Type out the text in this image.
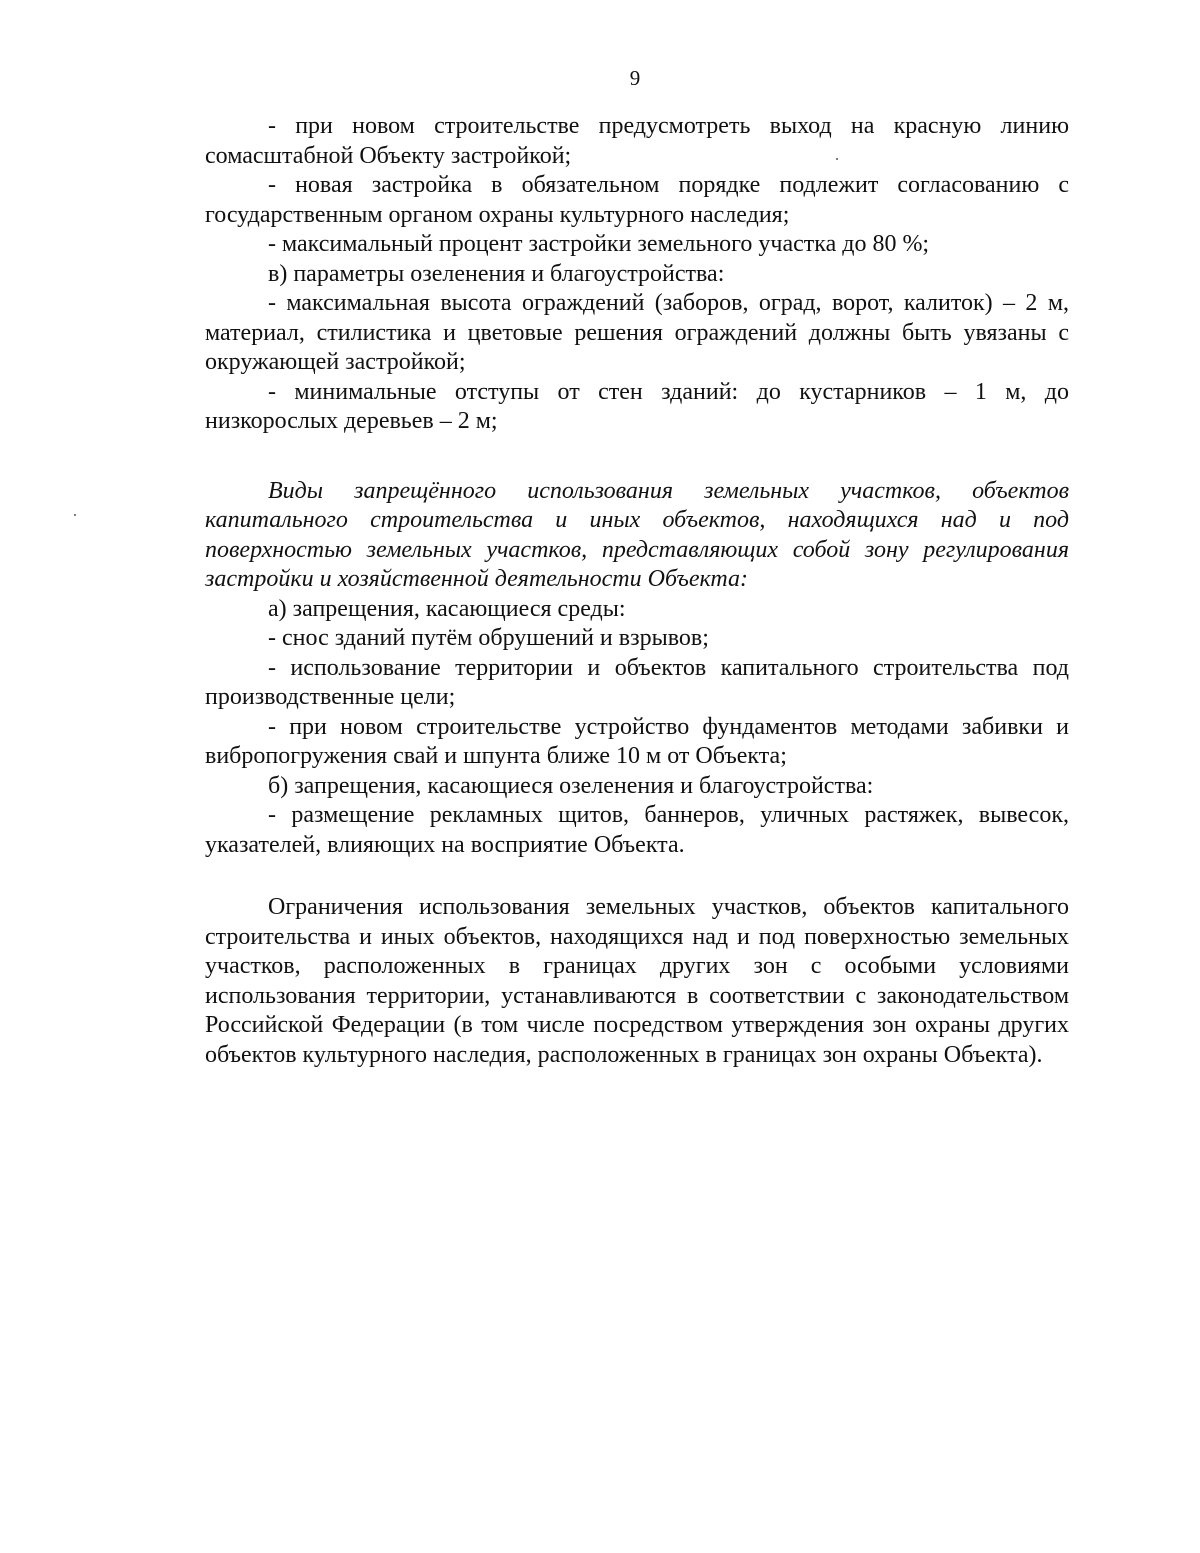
9

- при новом строительстве предусмотреть выход на красную линию сомасштабной Объекту застройкой;

- новая застройка в обязательном порядке подлежит согласованию с государственным органом охраны культурного наследия;

- максимальный процент застройки земельного участка до 80 %;

в) параметры озеленения и благоустройства:

- максимальная высота ограждений (заборов, оград, ворот, калиток) – 2 м, материал, стилистика и цветовые решения ограждений должны быть увязаны с окружающей застройкой;

- минимальные отступы от стен зданий: до кустарников – 1 м, до низкорослых деревьев – 2 м;

Виды запрещённого использования земельных участков, объектов капитального строительства и иных объектов, находящихся над и под поверхностью земельных участков, представляющих собой зону регулирования застройки и хозяйственной деятельности Объекта:

а) запрещения, касающиеся среды:

- снос зданий путём обрушений и взрывов;

- использование территории и объектов капитального строительства под производственные цели;

- при новом строительстве устройство фундаментов методами забивки и вибропогружения свай и шпунта ближе 10 м от Объекта;

б) запрещения, касающиеся озеленения и благоустройства:

- размещение рекламных щитов, баннеров, уличных растяжек, вывесок, указателей, влияющих на восприятие Объекта.

Ограничения использования земельных участков, объектов капитального строительства и иных объектов, находящихся над и под поверхностью земельных участков, расположенных в границах других зон с особыми условиями использования территории, устанавливаются в соответствии с законодательством Российской Федерации (в том числе посредством утверждения зон охраны других объектов культурного наследия, расположенных в границах зон охраны Объекта).
